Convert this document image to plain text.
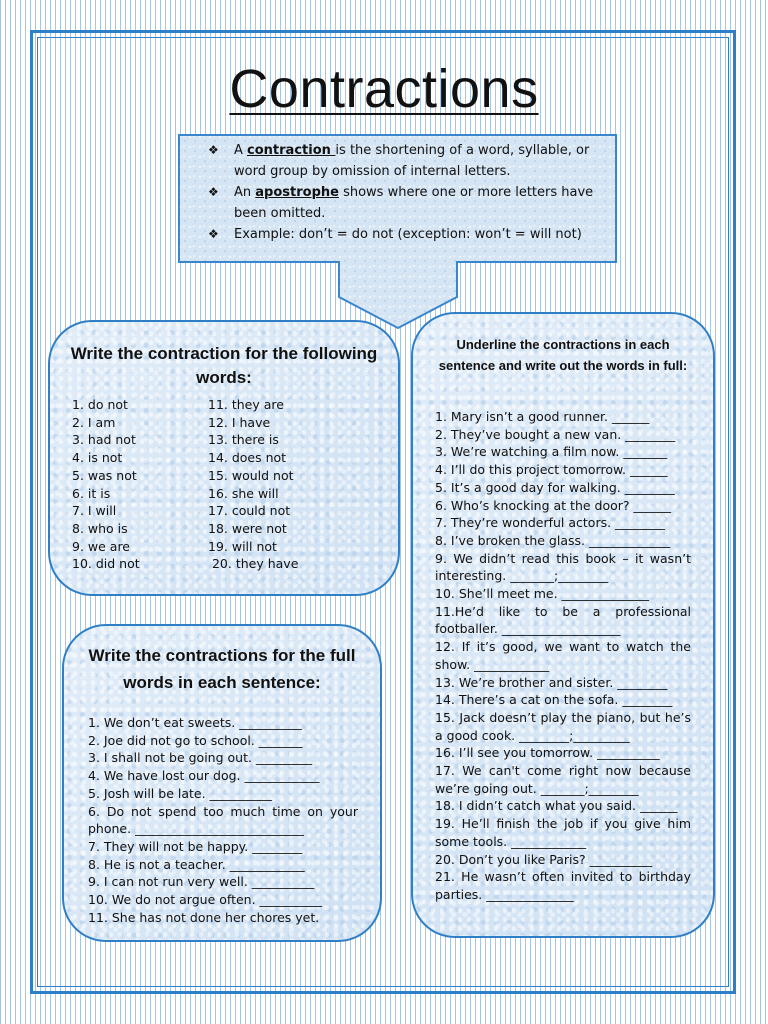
Contractions
❖ A contraction is the shortening of a word, syllable, or word group by omission of internal letters.
❖ An apostrophe shows where one or more letters have been omitted.
❖ Example: don’t = do not (exception: won’t = will not)
Write the contraction for the following words:
1. do not
2. I am
3. had not
4. is not
5. was not
6. it is
7. I will
8. who is
9. we are
10. did not
11. they are
12. I have
13. there is
14. does not
15. would not
16. she will
17. could not
18. were not
19. will not
20. they have
Underline the contractions in each sentence and write out the words in full:
1. Mary isn’t a good runner. ______
2. They’ve bought a new van. ________
3. We’re watching a film now. _______
4. I’ll do this project tomorrow. ______
5. It’s a good day for walking. ________
6. Who’s knocking at the door? ______
7. They’re wonderful actors. ________
8. I’ve broken the glass. _____________
9. We didn’t read this book – it wasn’t interesting. _______;________
10. She’ll meet me. ______________
11.He’d like to be a professional footballer. ___________________
12. If it’s good, we want to watch the show. ____________
13. We’re brother and sister. ________
14. There’s a cat on the sofa. ________
15. Jack doesn’t play the piano, but he’s a good cook. ________;_________
16. I’ll see you tomorrow. __________
17. We can't come right now because we’re going out. _______;________
18. I didn’t catch what you said. ______
19. He’ll finish the job if you give him some tools. ____________
20. Don’t you like Paris? __________
21. He wasn’t often invited to birthday parties. ______________
Write the contractions for the full words in each sentence:
1. We don’t eat sweets. __________
2. Joe did not go to school. _______
3. I shall not be going out. _________
4. We have lost our dog. ____________
5. Josh will be late. __________
6. Do not spend too much time on your phone. ___________________________
7. They will not be happy. ________
8. He is not a teacher. ____________
9. I can not run very well. __________
10. We do not argue often. __________
11. She has not done her chores yet.
